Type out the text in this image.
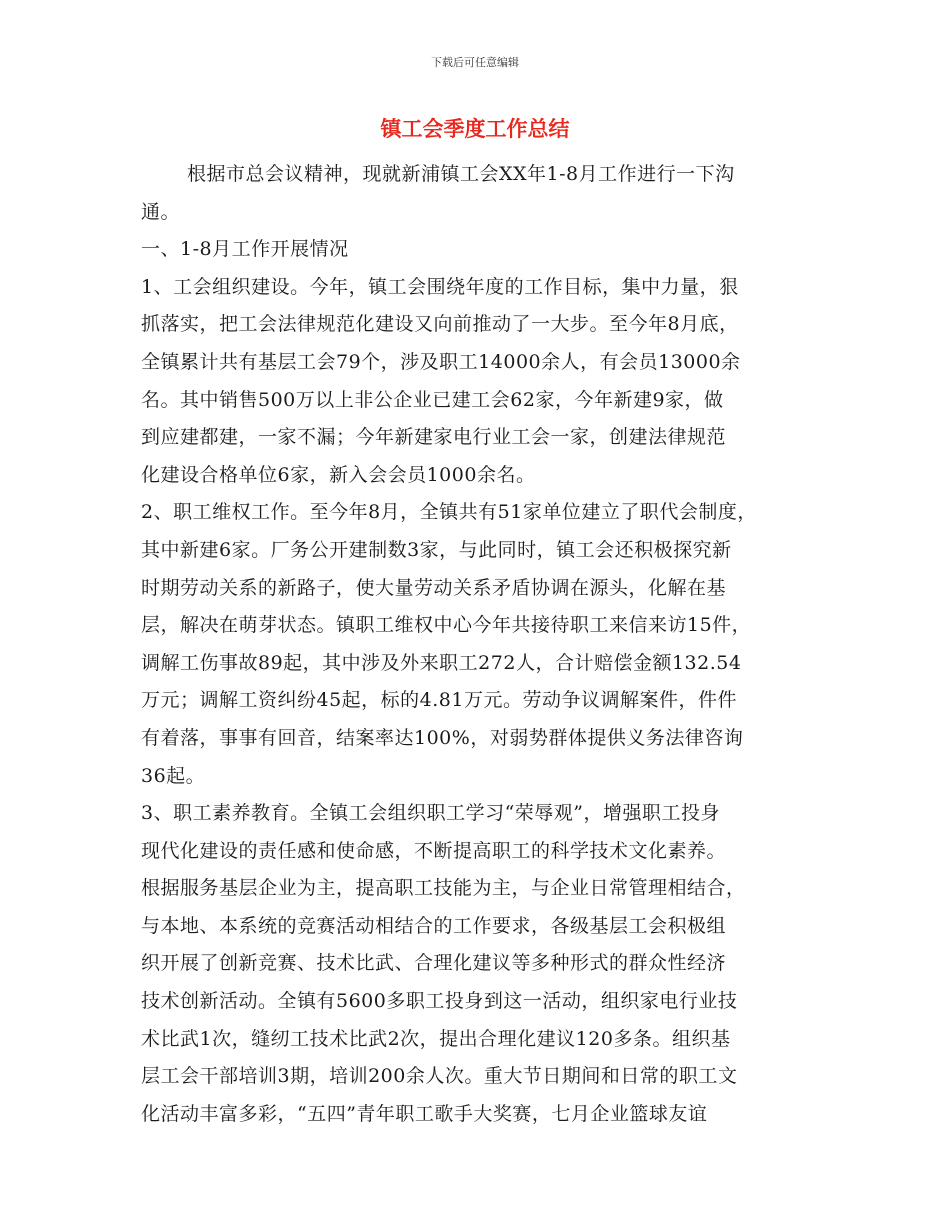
下载后可任意编辑
镇工会季度工作总结
根据市总会议精神，现就新浦镇工会XX年1-8月工作进行一下沟
通。
一、1-8月工作开展情况
1、工会组织建设。今年，镇工会围绕年度的工作目标，集中力量，狠
抓落实，把工会法律规范化建设又向前推动了一大步。至今年8月底，
全镇累计共有基层工会79个，涉及职工14000余人，有会员13000余
名。其中销售500万以上非公企业已建工会62家，今年新建9家，做
到应建都建，一家不漏；今年新建家电行业工会一家，创建法律规范
化建设合格单位6家，新入会会员1000余名。
2、职工维权工作。至今年8月，全镇共有51家单位建立了职代会制度，
其中新建6家。厂务公开建制数3家，与此同时，镇工会还积极探究新
时期劳动关系的新路子，使大量劳动关系矛盾协调在源头，化解在基
层，解决在萌芽状态。镇职工维权中心今年共接待职工来信来访15件，
调解工伤事故89起，其中涉及外来职工272人，合计赔偿金额132.54
万元；调解工资纠纷45起，标的4.81万元。劳动争议调解案件，件件
有着落，事事有回音，结案率达100%，对弱势群体提供义务法律咨询
36起。
3、职工素养教育。全镇工会组织职工学习“荣辱观”，增强职工投身
现代化建设的责任感和使命感，不断提高职工的科学技术文化素养。
根据服务基层企业为主，提高职工技能为主，与企业日常管理相结合，
与本地、本系统的竞赛活动相结合的工作要求，各级基层工会积极组
织开展了创新竞赛、技术比武、合理化建议等多种形式的群众性经济
技术创新活动。全镇有5600多职工投身到这一活动，组织家电行业技
术比武1次，缝纫工技术比武2次，提出合理化建议120多条。组织基
层工会干部培训3期，培训200余人次。重大节日期间和日常的职工文
化活动丰富多彩，“五四”青年职工歌手大奖赛，七月企业篮球友谊
